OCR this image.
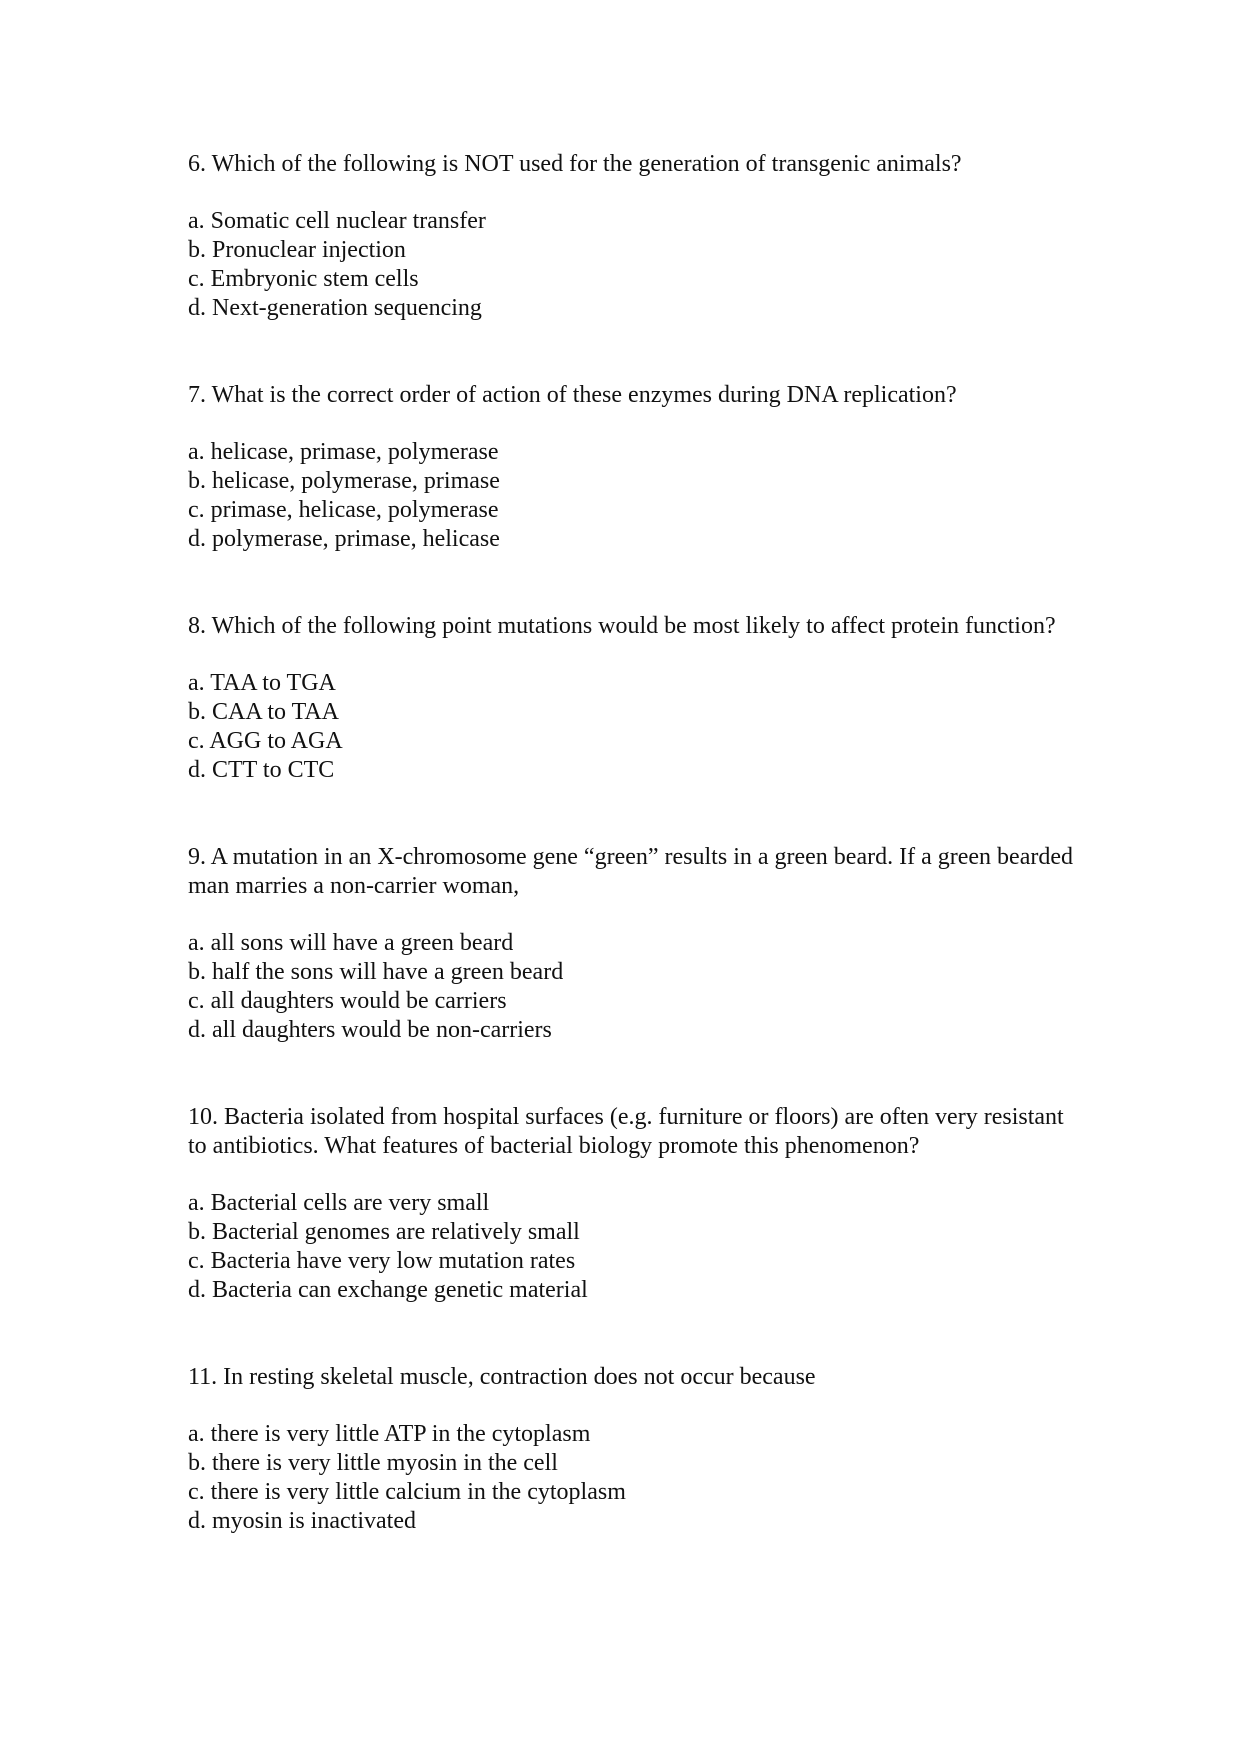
6. Which of the following is NOT used for the generation of transgenic animals?

a. Somatic cell nuclear transfer
b. Pronuclear injection
c. Embryonic stem cells
d. Next-generation sequencing

7. What is the correct order of action of these enzymes during DNA replication?

a. helicase, primase, polymerase
b. helicase, polymerase, primase
c. primase, helicase, polymerase
d. polymerase, primase, helicase

8. Which of the following point mutations would be most likely to affect protein function?

a. TAA to TGA
b. CAA to TAA
c. AGG to AGA
d. CTT to CTC

9. A mutation in an X-chromosome gene “green” results in a green beard. If a green bearded man marries a non-carrier woman,

a. all sons will have a green beard
b. half the sons will have a green beard
c. all daughters would be carriers
d. all daughters would be non-carriers

10. Bacteria isolated from hospital surfaces (e.g. furniture or floors) are often very resistant to antibiotics. What features of bacterial biology promote this phenomenon?

a. Bacterial cells are very small
b. Bacterial genomes are relatively small
c. Bacteria have very low mutation rates
d. Bacteria can exchange genetic material

11. In resting skeletal muscle, contraction does not occur because

a. there is very little ATP in the cytoplasm
b. there is very little myosin in the cell
c. there is very little calcium in the cytoplasm
d. myosin is inactivated
